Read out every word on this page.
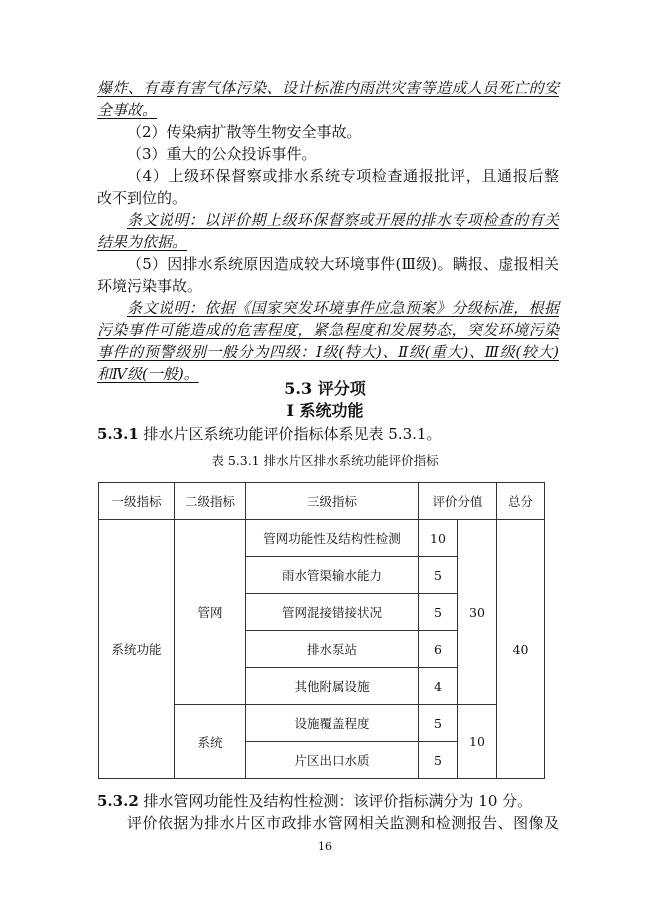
爆炸、有毒有害气体污染、设计标准内雨洪灾害等造成人员死亡的安
全事故。
（2）传染病扩散等生物安全事故。
（3）重大的公众投诉事件。
（4）上级环保督察或排水系统专项检查通报批评，且通报后整
改不到位的。
条文说明：以评价期上级环保督察或开展的排水专项检查的有关
结果为依据。
（5）因排水系统原因造成较大环境事件(Ⅲ级)。瞒报、虚报相关
环境污染事故。
条文说明：依据《国家突发环境事件应急预案》分级标准，根据
污染事件可能造成的危害程度，紧急程度和发展势态，突发环境污染
事件的预警级别一般分为四级：Ⅰ级(特大)、Ⅱ级(重大)、Ⅲ级(较大)
和Ⅳ级(一般)。
5.3 评分项
I 系统功能
5.3.1 排水片区系统功能评价指标体系见表 5.3.1。
表 5.3.1 排水片区排水系统功能评价指标
一级指标	二级指标	三级指标	评价分值		总分
系统功能	管网	管网功能性及结构性检测	10	30	40
		雨水管渠输水能力	5		
		管网混接错接状况	5		
		排水泵站	6		
		其他附属设施	4		
	系统	设施覆盖程度	5	10	
		片区出口水质	5		
5.3.2 排水管网功能性及结构性检测：该评价指标满分为 10 分。
评价依据为排水片区市政排水管网相关监测和检测报告、图像及
16
